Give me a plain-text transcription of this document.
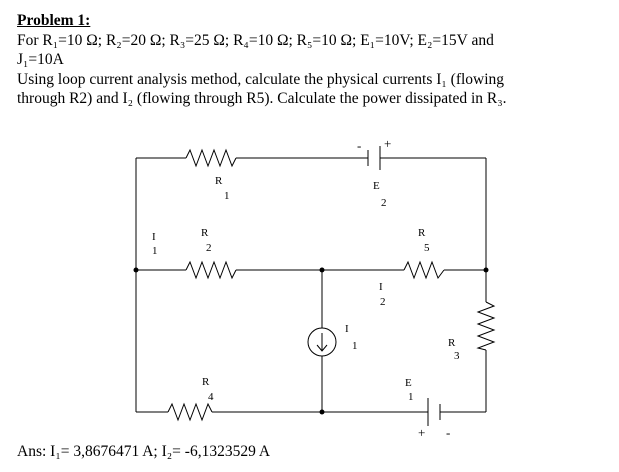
Problem 1:
For R₁=10 Ω; R₂=20 Ω; R₃=25 Ω; R₄=10 Ω; R₅=10 Ω; E₁=10V; E₂=15V and
J₁=10A
Using loop current analysis method, calculate the physical currents I₁ (flowing
through R2) and I₂ (flowing through R5). Calculate the power dissipated in R₃.
R
1
R
2
R
3
R
4
R
5
E
1
E
2
I
1
I
2
I
1
- +
+ -
Ans: I₁= 3,8676471 A; I₂= -6,1323529 A
